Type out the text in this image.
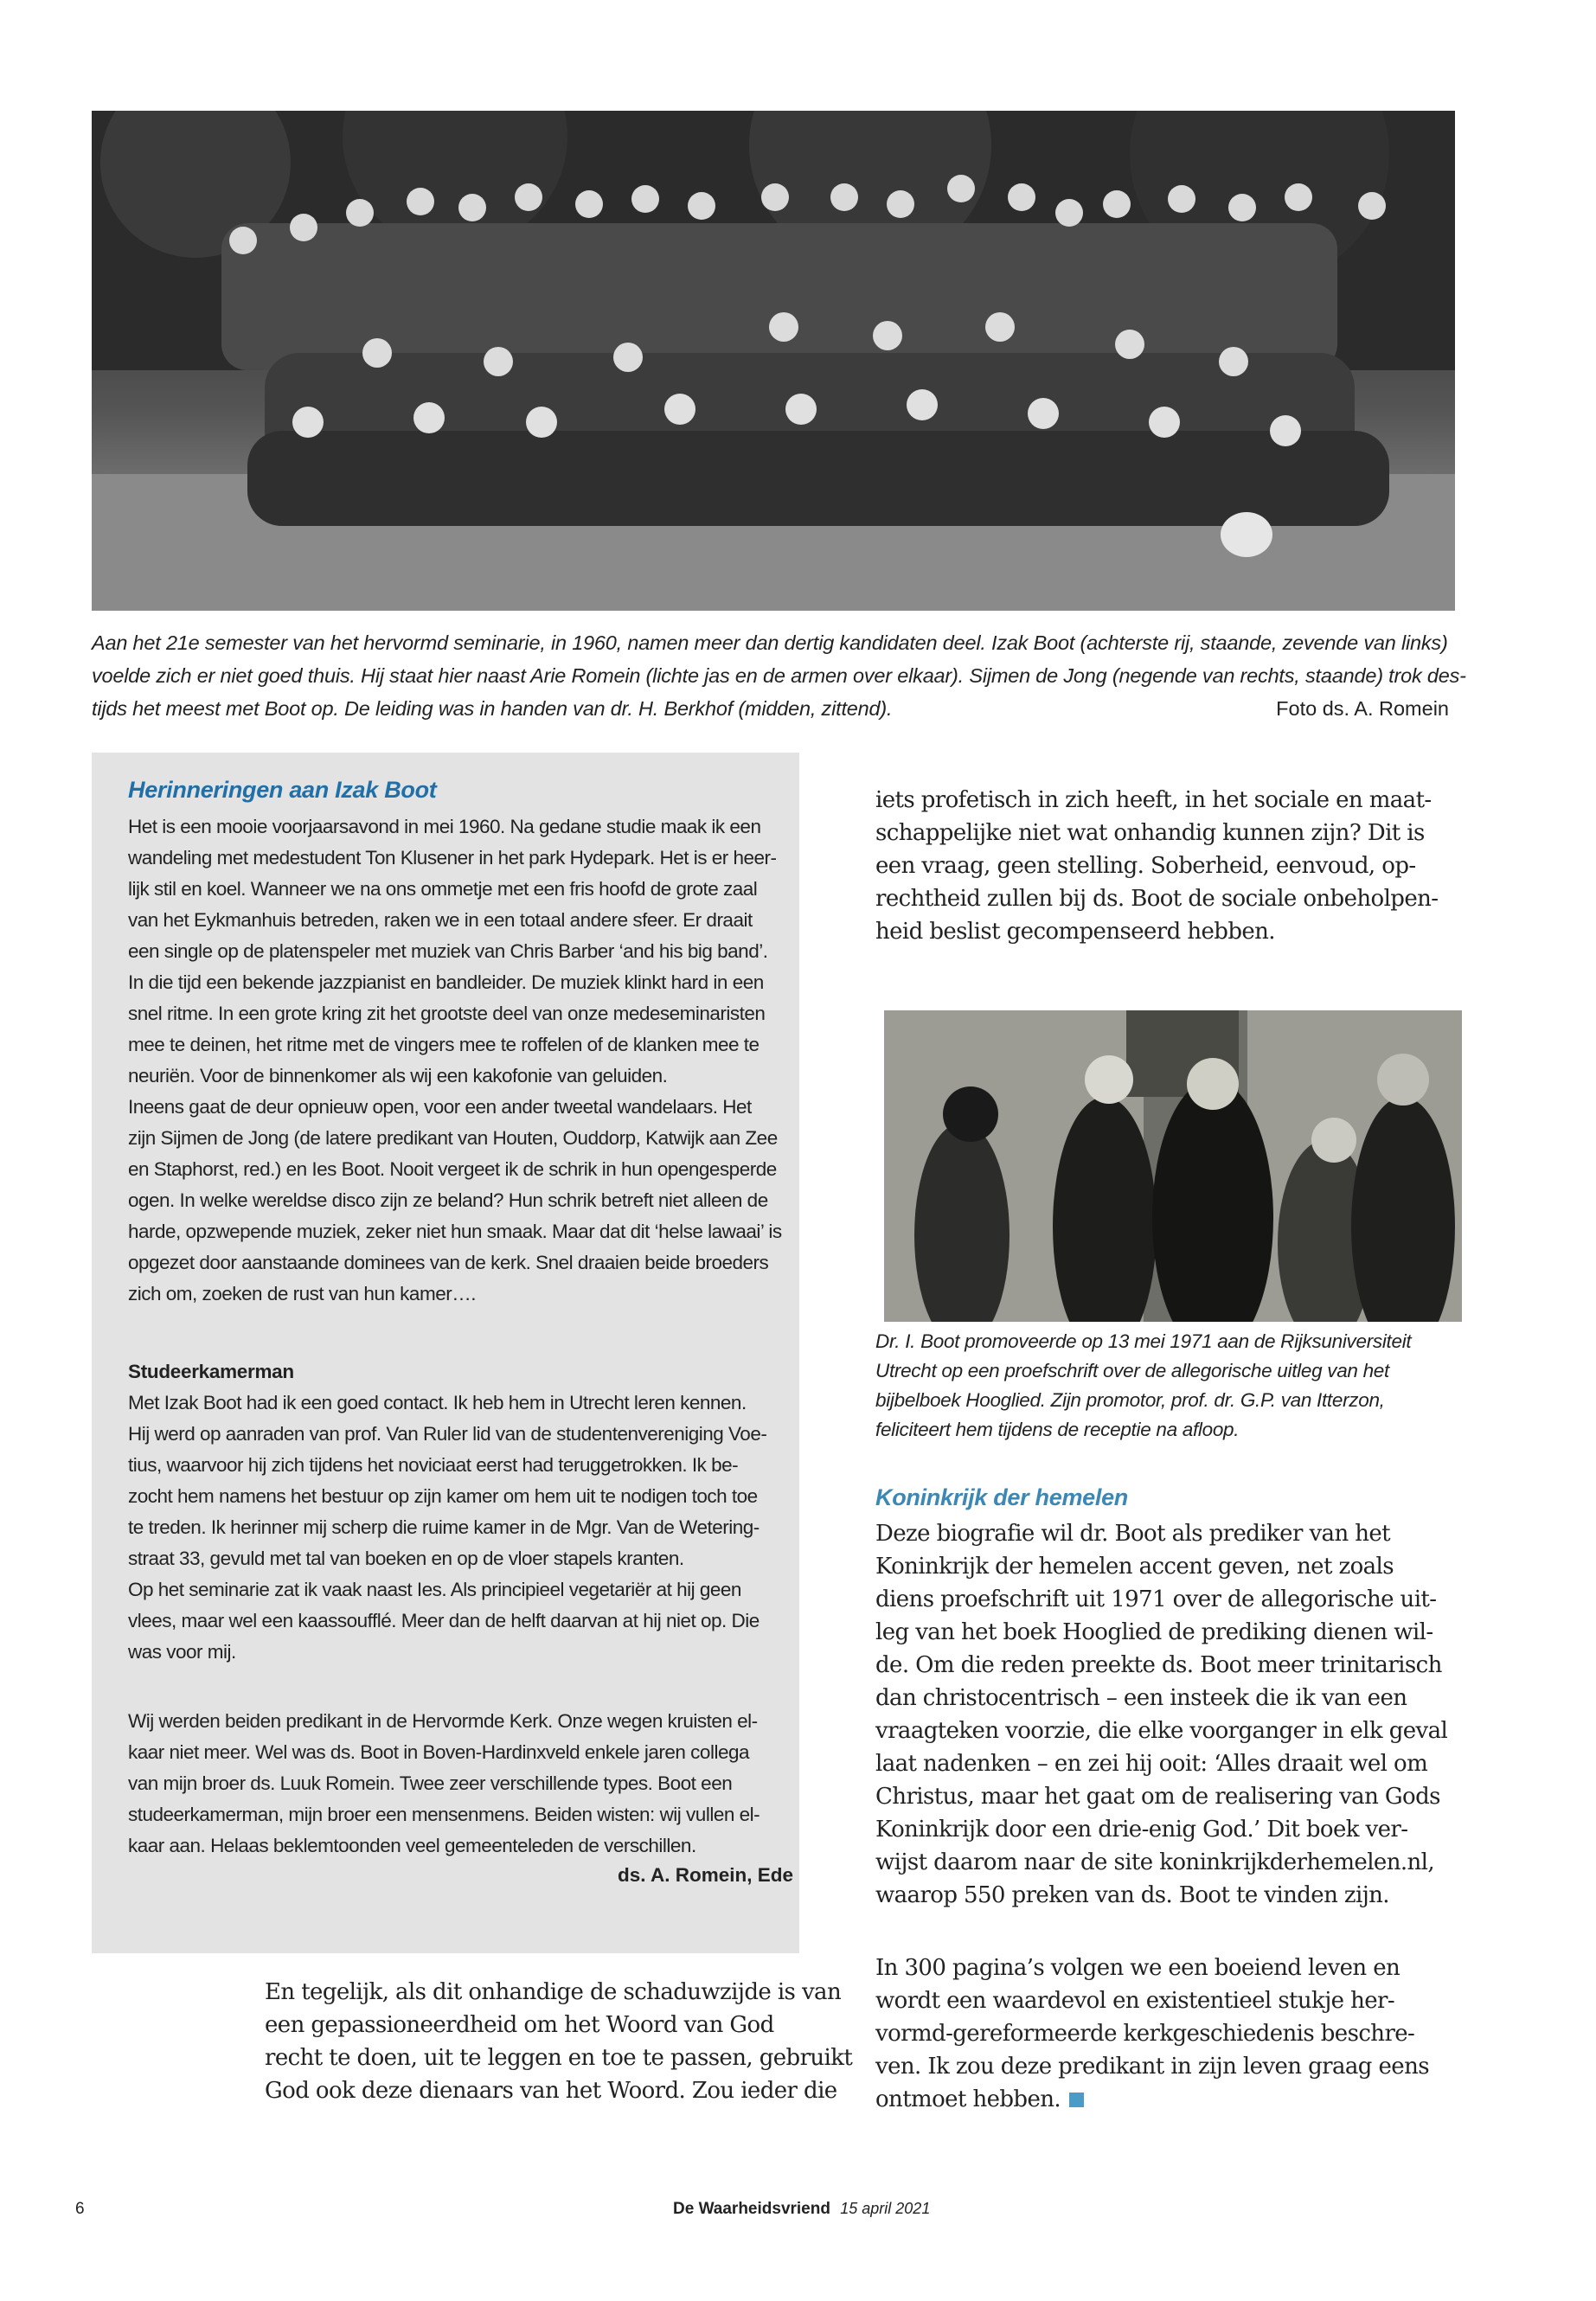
Aan het 21e semester van het hervormd seminarie, in 1960, namen meer dan dertig kandidaten deel. Izak Boot (achterste rij, staande, zevende van links)
voelde zich er niet goed thuis. Hij staat hier naast Arie Romein (lichte jas en de armen over elkaar). Sijmen de Jong (negende van rechts, staande) trok des-
tijds het meest met Boot op. De leiding was in handen van dr. H. Berkhof (midden, zittend).	Foto ds. A. Romein
Herinneringen aan Izak Boot
Het is een mooie voorjaarsavond in mei 1960. Na gedane studie maak ik een
wandeling met medestudent Ton Klusener in het park Hydepark. Het is er heer-
lijk stil en koel. Wanneer we na ons ommetje met een fris hoofd de grote zaal
van het Eykmanhuis betreden, raken we in een totaal andere sfeer. Er draait
een single op de platenspeler met muziek van Chris Barber ‘and his big band’.
In die tijd een bekende jazzpianist en bandleider. De muziek klinkt hard in een
snel ritme. In een grote kring zit het grootste deel van onze medeseminaristen
mee te deinen, het ritme met de vingers mee te roffelen of de klanken mee te
neuriën. Voor de binnenkomer als wij een kakofonie van geluiden.
Ineens gaat de deur opnieuw open, voor een ander tweetal wandelaars. Het
zijn Sijmen de Jong (de latere predikant van Houten, Ouddorp, Katwijk aan Zee
en Staphorst, red.) en Ies Boot. Nooit vergeet ik de schrik in hun opengesperde
ogen. In welke wereldse disco zijn ze beland? Hun schrik betreft niet alleen de
harde, opzwepende muziek, zeker niet hun smaak. Maar dat dit ‘helse lawaai’ is
opgezet door aanstaande dominees van de kerk. Snel draaien beide broeders
zich om, zoeken de rust van hun kamer….
Studeerkamerman
Met Izak Boot had ik een goed contact. Ik heb hem in Utrecht leren kennen.
Hij werd op aanraden van prof. Van Ruler lid van de studentenvereniging Voe-
tius, waarvoor hij zich tijdens het noviciaat eerst had teruggetrokken. Ik be-
zocht hem namens het bestuur op zijn kamer om hem uit te nodigen toch toe
te treden. Ik herinner mij scherp die ruime kamer in de Mgr. Van de Wetering-
straat 33, gevuld met tal van boeken en op de vloer stapels kranten.
Op het seminarie zat ik vaak naast Ies. Als principieel vegetariër at hij geen
vlees, maar wel een kaassoufflé. Meer dan de helft daarvan at hij niet op. Die
was voor mij.
Wij werden beiden predikant in de Hervormde Kerk. Onze wegen kruisten el-
kaar niet meer. Wel was ds. Boot in Boven-Hardinxveld enkele jaren collega
van mijn broer ds. Luuk Romein. Twee zeer verschillende types. Boot een
studeerkamerman, mijn broer een mensenmens. Beiden wisten: wij vullen el-
kaar aan. Helaas beklemtoonden veel gemeenteleden de verschillen.
ds. A. Romein, Ede
En tegelijk, als dit onhandige de schaduwzijde is van
een gepassioneerdheid om het Woord van God
recht te doen, uit te leggen en toe te passen, gebruikt
God ook deze dienaars van het Woord. Zou ieder die
iets profetisch in zich heeft, in het sociale en maat-
schappelijke niet wat onhandig kunnen zijn? Dit is
een vraag, geen stelling. Soberheid, eenvoud, op-
rechtheid zullen bij ds. Boot de sociale onbeholpen-
heid beslist gecompenseerd hebben.
Dr. I. Boot promoveerde op 13 mei 1971 aan de Rijksuniversiteit
Utrecht op een proefschrift over de allegorische uitleg van het
bijbelboek Hooglied. Zijn promotor, prof. dr. G.P. van Itterzon,
feliciteert hem tijdens de receptie na afloop.
Koninkrijk der hemelen
Deze biografie wil dr. Boot als prediker van het
Koninkrijk der hemelen accent geven, net zoals
diens proefschrift uit 1971 over de allegorische uit-
leg van het boek Hooglied de prediking dienen wil-
de. Om die reden preekte ds. Boot meer trinitarisch
dan christocentrisch – een insteek die ik van een
vraagteken voorzie, die elke voorganger in elk geval
laat nadenken – en zei hij ooit: ‘Alles draait wel om
Christus, maar het gaat om de realisering van Gods
Koninkrijk door een drie-enig God.’ Dit boek ver-
wijst daarom naar de site koninkrijkderhemelen.nl,
waarop 550 preken van ds. Boot te vinden zijn.
In 300 pagina’s volgen we een boeiend leven en
wordt een waardevol en existentieel stukje her-
vormd-gereformeerde kerkgeschiedenis beschre-
ven. Ik zou deze predikant in zijn leven graag eens
ontmoet hebben.
6	De Waarheidsvriend 15 april 2021
